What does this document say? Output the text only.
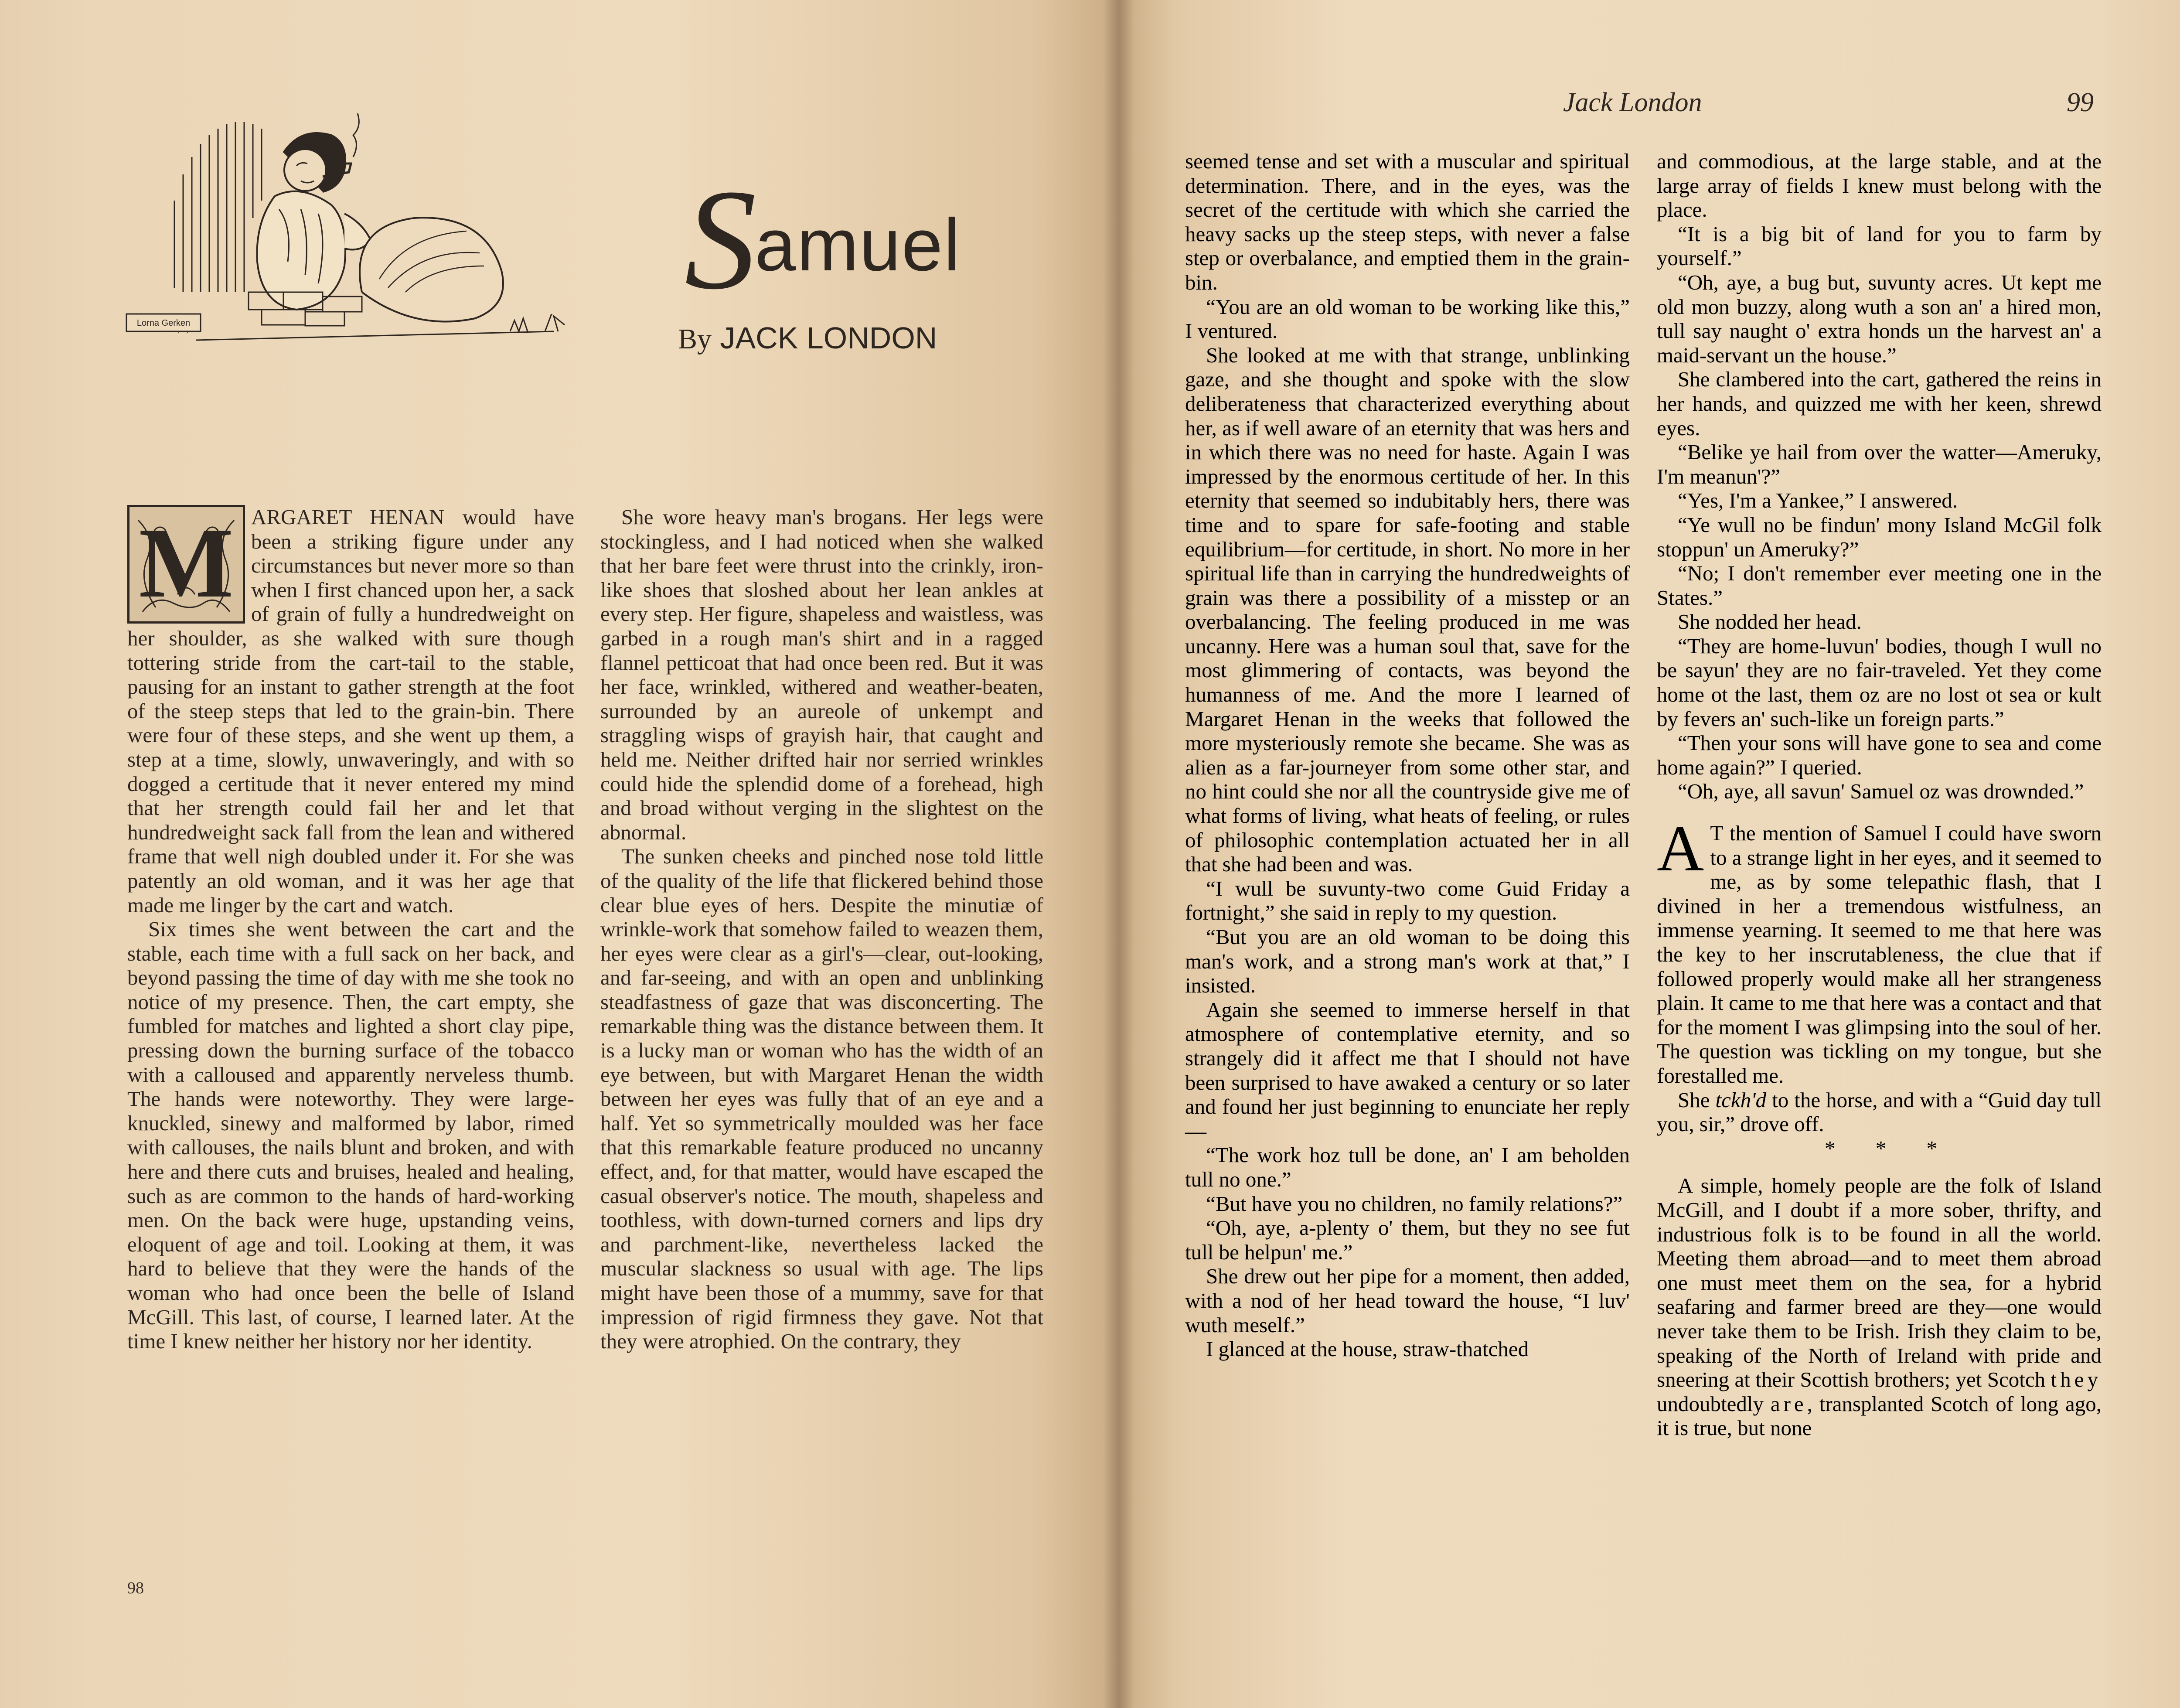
Lorna Gerken
Samuel
By JACK LONDON

M ARGARET HENAN would have been a striking figure under any circumstances but never more so than when I first chanced upon her, a sack of grain of fully a hundredweight on her shoulder, as she walked with sure though tottering stride from the cart-tail to the stable, pausing for an instant to gather strength at the foot of the steep steps that led to the grain-bin. There were four of these steps, and she went up them, a step at a time, slowly, unwaveringly, and with so dogged a certitude that it never entered my mind that her strength could fail her and let that hundredweight sack fall from the lean and withered frame that well nigh doubled under it. For she was patently an old woman, and it was her age that made me linger by the cart and watch.

Six times she went between the cart and the stable, each time with a full sack on her back, and beyond passing the time of day with me she took no notice of my presence. Then, the cart empty, she fumbled for matches and lighted a short clay pipe, pressing down the burning surface of the tobacco with a calloused and apparently nerveless thumb. The hands were noteworthy. They were large-knuckled, sinewy and malformed by labor, rimed with callouses, the nails blunt and broken, and with here and there cuts and bruises, healed and healing, such as are common to the hands of hard-working men. On the back were huge, upstanding veins, eloquent of age and toil. Looking at them, it was hard to believe that they were the hands of the woman who had once been the belle of Island McGill. This last, of course, I learned later. At the time I knew neither her history nor her identity.

She wore heavy man's brogans. Her legs were stockingless, and I had noticed when she walked that her bare feet were thrust into the crinkly, iron-like shoes that sloshed about her lean ankles at every step. Her figure, shapeless and waistless, was garbed in a rough man's shirt and in a ragged flannel petticoat that had once been red. But it was her face, wrinkled, withered and weather-beaten, surrounded by an aureole of unkempt and straggling wisps of grayish hair, that caught and held me. Neither drifted hair nor serried wrinkles could hide the splendid dome of a forehead, high and broad without verging in the slightest on the abnormal.

The sunken cheeks and pinched nose told little of the quality of the life that flickered behind those clear blue eyes of hers. Despite the minutiæ of wrinkle-work that somehow failed to weazen them, her eyes were clear as a girl's—clear, out-looking, and far-seeing, and with an open and unblinking steadfastness of gaze that was disconcerting. The remarkable thing was the distance between them. It is a lucky man or woman who has the width of an eye between, but with Margaret Henan the width between her eyes was fully that of an eye and a half. Yet so symmetrically moulded was her face that this remarkable feature produced no uncanny effect, and, for that matter, would have escaped the casual observer's notice. The mouth, shapeless and toothless, with down-turned corners and lips dry and parchment-like, nevertheless lacked the muscular slackness so usual with age. The lips might have been those of a mummy, save for that impression of rigid firmness they gave. Not that they were atrophied. On the contrary, they

98
Jack London	99

seemed tense and set with a muscular and spiritual determination. There, and in the eyes, was the secret of the certitude with which she carried the heavy sacks up the steep steps, with never a false step or overbalance, and emptied them in the grain-bin.

“You are an old woman to be working like this,” I ventured.

She looked at me with that strange, unblinking gaze, and she thought and spoke with the slow deliberateness that characterized everything about her, as if well aware of an eternity that was hers and in which there was no need for haste. Again I was impressed by the enormous certitude of her. In this eternity that seemed so indubitably hers, there was time and to spare for safe-footing and stable equilibrium—for certitude, in short. No more in her spiritual life than in carrying the hundredweights of grain was there a possibility of a misstep or an overbalancing. The feeling produced in me was uncanny. Here was a human soul that, save for the most glimmering of contacts, was beyond the humanness of me. And the more I learned of Margaret Henan in the weeks that followed the more mysteriously remote she became. She was as alien as a far-journeyer from some other star, and no hint could she nor all the countryside give me of what forms of living, what heats of feeling, or rules of philosophic contemplation actuated her in all that she had been and was.

“I wull be suvunty-two come Guid Friday a fortnight,” she said in reply to my question.

“But you are an old woman to be doing this man's work, and a strong man's work at that,” I insisted.

Again she seemed to immerse herself in that atmosphere of contemplative eternity, and so strangely did it affect me that I should not have been surprised to have awaked a century or so later and found her just beginning to enunciate her reply—

“The work hoz tull be done, an' I am beholden tull no one.”

“But have you no children, no family relations?”

“Oh, aye, a-plenty o' them, but they no see fut tull be helpun' me.”

She drew out her pipe for a moment, then added, with a nod of her head toward the house, “I luv' wuth meself.”

I glanced at the house, straw-thatched

and commodious, at the large stable, and at the large array of fields I knew must belong with the place.

“It is a big bit of land for you to farm by yourself.”

“Oh, aye, a bug but, suvunty acres. Ut kept me old mon buzzy, along wuth a son an' a hired mon, tull say naught o' extra honds un the harvest an' a maid-servant un the house.”

She clambered into the cart, gathered the reins in her hands, and quizzed me with her keen, shrewd eyes.

“Belike ye hail from over the watter—Ameruky, I'm meanun'?”

“Yes, I'm a Yankee,” I answered.

“Ye wull no be findun' mony Island McGil folk stoppun' un Ameruky?”

“No; I don't remember ever meeting one in the States.”

She nodded her head.

“They are home-luvun' bodies, though I wull no be sayun' they are no fair-traveled. Yet they come home ot the last, them oz are no lost ot sea or kult by fevers an' such-like un foreign parts.”

“Then your sons will have gone to sea and come home again?” I queried.

“Oh, aye, all savun' Samuel oz was drownded.”

A T the mention of Samuel I could have sworn to a strange light in her eyes, and it seemed to me, as by some telepathic flash, that I divined in her a tremendous wistfulness, an immense yearning. It seemed to me that here was the key to her inscrutableness, the clue that if followed properly would make all her strangeness plain. It came to me that here was a contact and that for the moment I was glimpsing into the soul of her. The question was tickling on my tongue, but she forestalled me.

She tckh'd to the horse, and with a “Guid day tull you, sir,” drove off.

* * *

A simple, homely people are the folk of Island McGill, and I doubt if a more sober, thrifty, and industrious folk is to be found in all the world. Meeting them abroad—and to meet them abroad one must meet them on the sea, for a hybrid seafaring and farmer breed are they—one would never take them to be Irish. Irish they claim to be, speaking of the North of Ireland with pride and sneering at their Scottish brothers; yet Scotch they undoubtedly are, transplanted Scotch of long ago, it is true, but none
